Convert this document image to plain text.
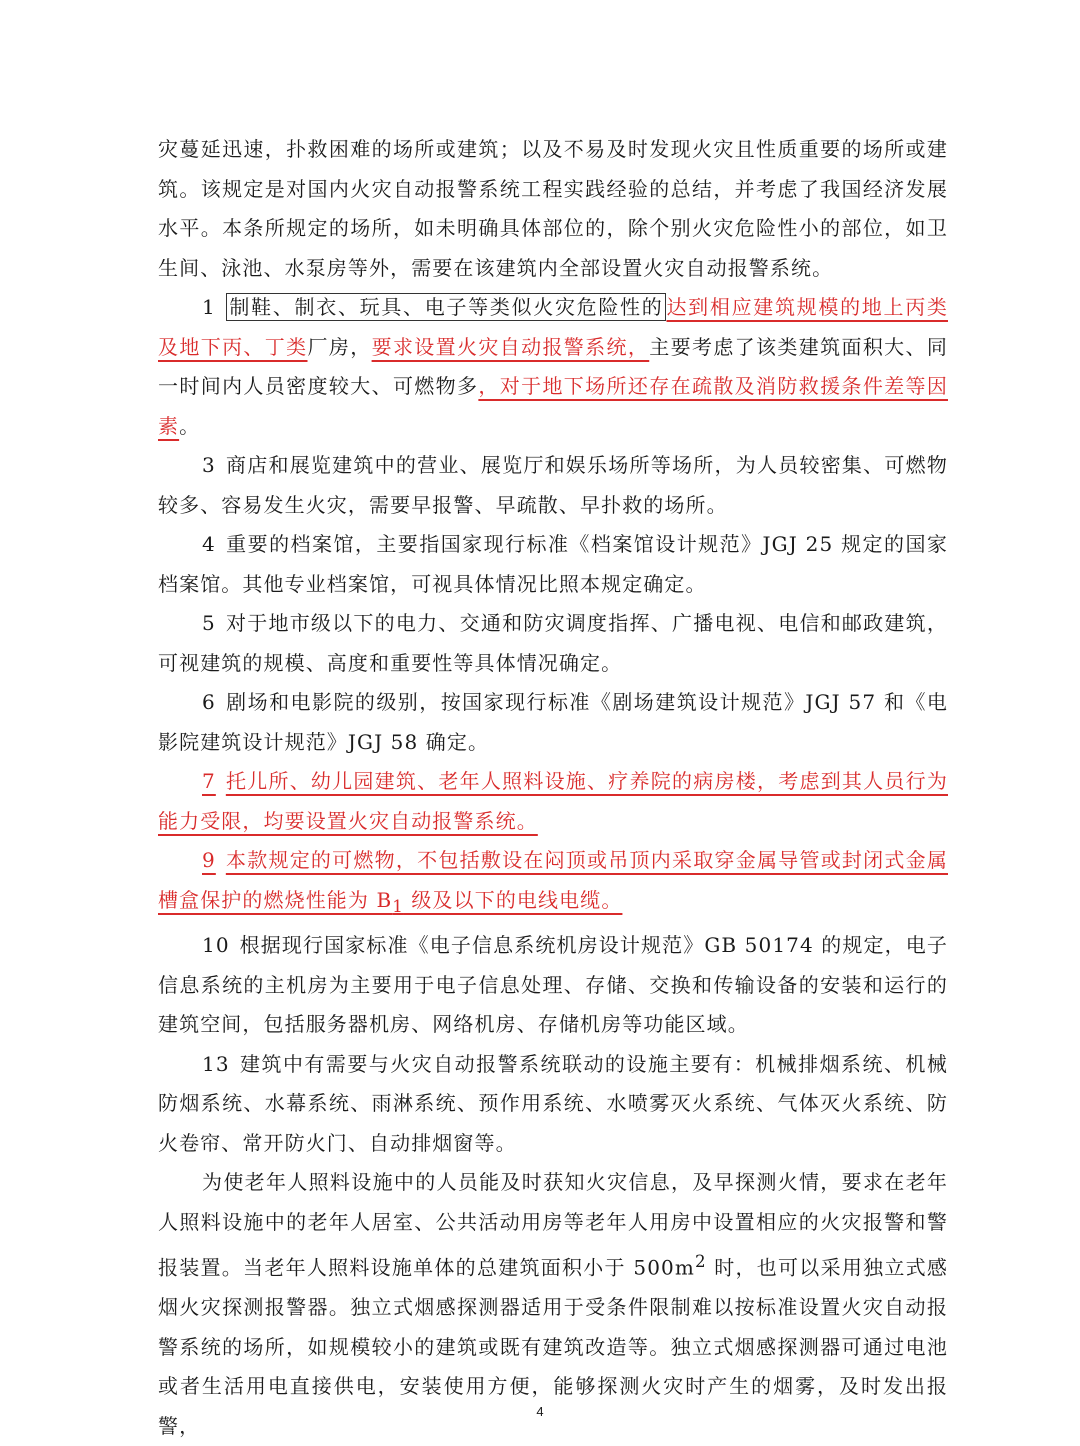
灾蔓延迅速，扑救困难的场所或建筑；以及不易及时发现火灾且性质重要的场所或建筑。该规定是对国内火灾自动报警系统工程实践经验的总结，并考虑了我国经济发展水平。本条所规定的场所，如未明确具体部位的，除个别火灾危险性小的部位，如卫生间、泳池、水泵房等外，需要在该建筑内全部设置火灾自动报警系统。

1 制鞋、制衣、玩具、电子等类似火灾危险性的 达到相应建筑规模的地上丙类及地下丙、丁类厂房，要求设置火灾自动报警系统，主要考虑了该类建筑面积大、同一时间内人员密度较大、可燃物多，对于地下场所还存在疏散及消防救援条件差等因素。

3 商店和展览建筑中的营业、展览厅和娱乐场所等场所，为人员较密集、可燃物较多、容易发生火灾，需要早报警、早疏散、早扑救的场所。

4 重要的档案馆，主要指国家现行标准《档案馆设计规范》JGJ 25 规定的国家档案馆。其他专业档案馆，可视具体情况比照本规定确定。

5 对于地市级以下的电力、交通和防灾调度指挥、广播电视、电信和邮政建筑，可视建筑的规模、高度和重要性等具体情况确定。

6 剧场和电影院的级别，按国家现行标准《剧场建筑设计规范》JGJ 57 和《电影院建筑设计规范》JGJ 58 确定。

7 托儿所、幼儿园建筑、老年人照料设施、疗养院的病房楼，考虑到其人员行为能力受限，均要设置火灾自动报警系统。

9 本款规定的可燃物，不包括敷设在闷顶或吊顶内采取穿金属导管或封闭式金属槽盒保护的燃烧性能为 $B_1$ 级及以下的电线电缆。

10 根据现行国家标准《电子信息系统机房设计规范》GB 50174 的规定，电子信息系统的主机房为主要用于电子信息处理、存储、交换和传输设备的安装和运行的建筑空间，包括服务器机房、网络机房、存储机房等功能区域。

13 建筑中有需要与火灾自动报警系统联动的设施主要有：机械排烟系统、机械防烟系统、水幕系统、雨淋系统、预作用系统、水喷雾灭火系统、气体灭火系统、防火卷帘、常开防火门、自动排烟窗等。

为使老年人照料设施中的人员能及时获知火灾信息，及早探测火情，要求在老年人照料设施中的老年人居室、公共活动用房等老年人用房中设置相应的火灾报警和警报装置。当老年人照料设施单体的总建筑面积小于 $500m^2$ 时，也可以采用独立式感烟火灾探测报警器。独立式烟感探测器适用于受条件限制难以按标准设置火灾自动报警系统的场所，如规模较小的建筑或既有建筑改造等。独立式烟感探测器可通过电池或者生活用电直接供电，安装使用方便，能够探测火灾时产生的烟雾，及时发出报警，

4
